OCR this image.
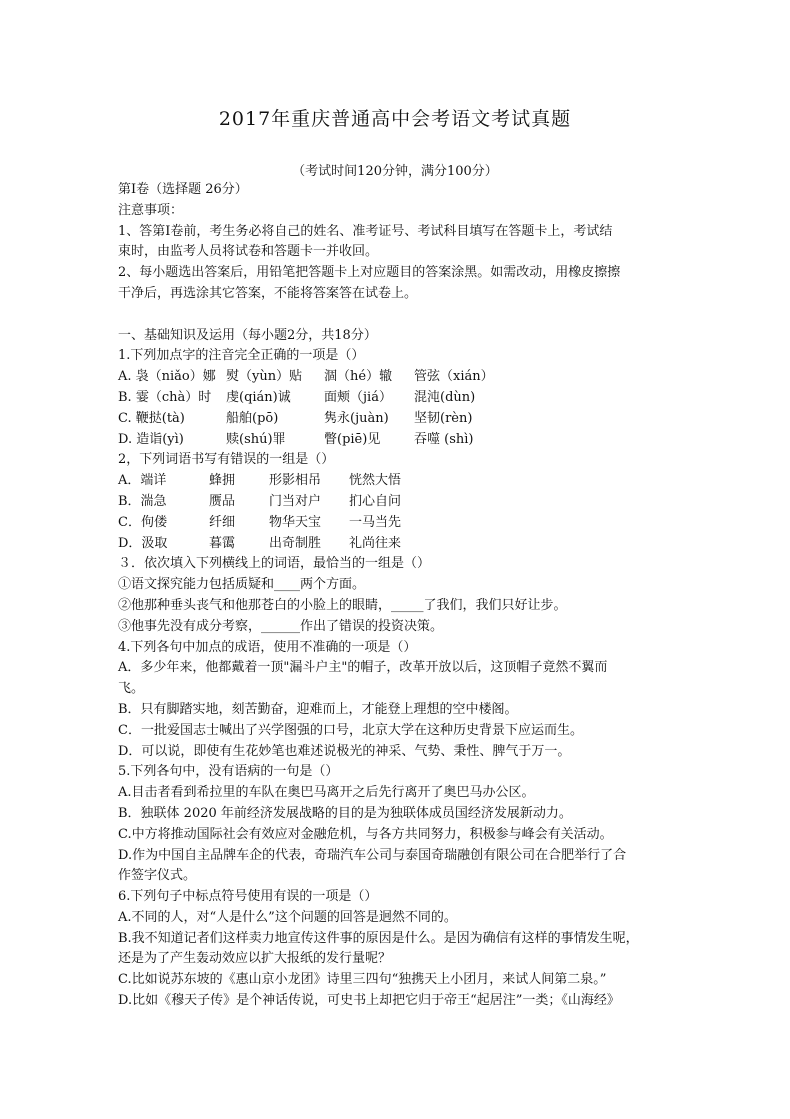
2017年重庆普通高中会考语文考试真题
（考试时间120分钟，满分100分）
第Ⅰ卷（选择题 26分）
注意事项：
1、答第Ⅰ卷前，考生务必将自己的姓名、准考证号、考试科目填写在答题卡上，考试结
束时，由监考人员将试卷和答题卡一并收回。
2、每小题选出答案后，用铅笔把答题卡上对应题目的答案涂黑。如需改动，用橡皮擦擦
干净后，再选涂其它答案，不能将答案答在试卷上。
一、基础知识及运用（每小题2分，共18分）
1.下列加点字的注音完全正确的一项是（）
A. 袅（niǎo）娜 熨（yùn）贴	涸（hé）辙	管弦（xián）
B. 霎（chà）时	虔(qián)诚	面颊（jiá）	混沌(dùn)
C. 鞭挞(tà)	船舶(pō)	隽永(juàn)	坚韧(rèn)
D. 造诣(yì)	赎(shú)罪	瞥(piē)见	吞噬 (shì)
2，下列词语书写有错误的一组是（）
A．端详	蜂拥	形影相吊	恍然大悟
B．湍急	赝品	门当对户	扪心自问
C．佝偻	纤细	物华天宝	一马当先
D．汲取	暮霭	出奇制胜	礼尚往来
３．依次填入下列横线上的词语，最恰当的一组是（）
①语文探究能力包括质疑和____两个方面。
②他那种垂头丧气和他那苍白的小脸上的眼睛，_____了我们，我们只好让步。
③他事先没有成分考察，______作出了错误的投资决策。
4.下列各句中加点的成语，使用不准确的一项是（）
A．多少年来，他都戴着一顶"漏斗户主"的帽子，改革开放以后，这顶帽子竟然不翼而
飞。
B．只有脚踏实地，刻苦勤奋，迎难而上，才能登上理想的空中楼阁。
C．一批爱国志士喊出了兴学图强的口号，北京大学在这种历史背景下应运而生。
D．可以说，即使有生花妙笔也难述说极光的神采、气势、秉性、脾气于万一。
5.下列各句中，没有语病的一句是（）
A.目击者看到希拉里的车队在奥巴马离开之后先行离开了奥巴马办公区。
B．独联体 2020 年前经济发展战略的目的是为独联体成员国经济发展新动力。
C.中方将推动国际社会有效应对金融危机，与各方共同努力，积极参与峰会有关活动。
D.作为中国自主品牌车企的代表，奇瑞汽车公司与泰国奇瑞融创有限公司在合肥举行了合
作签字仪式。
6.下列句子中标点符号使用有误的一项是（）
A.不同的人，对“人是什么”这个问题的回答是迥然不同的。
B.我不知道记者们这样卖力地宣传这件事的原因是什么。是因为确信有这样的事情发生呢，
还是为了产生轰动效应以扩大报纸的发行量呢？
C.比如说苏东坡的《惠山京小龙团》诗里三四句“独携天上小团月，来试人间第二泉。”
D.比如《穆天子传》是个神话传说，可史书上却把它归于帝王“起居注”一类；《山海经》
